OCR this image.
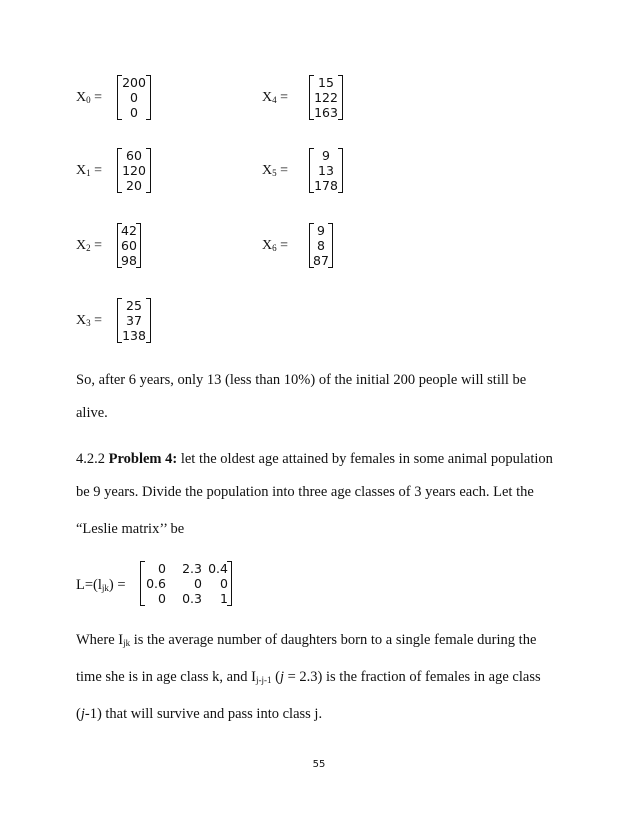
$X_0$ =
200
0
0
$X_1$ =
60
120
20
$X_2$ =
42
60
98
$X_3$ =
25
37
138
$X_4$ =
15
122
163
$X_5$ =
9
13
178
$X_6$ =
9
8
87
So, after 6 years, only 13 (less than 10%) of the initial 200 people will still be
alive.
4.2.2 Problem 4: let the oldest age attained by females in some animal population
be 9 years. Divide the population into three age classes of 3 years each. Let the
“Leslie matrix’’ be
$L=(l_{jk})$ =
0	2.3 0.4
0.6	0	0
0	0.3	1
Where $I_{jk}$ is the average number of daughters born to a single female during the
time she is in age class k, and $I_{j-j-1}$ (j = 2.3) is the fraction of females in age class
(j-1) that will survive and pass into class j.
55
